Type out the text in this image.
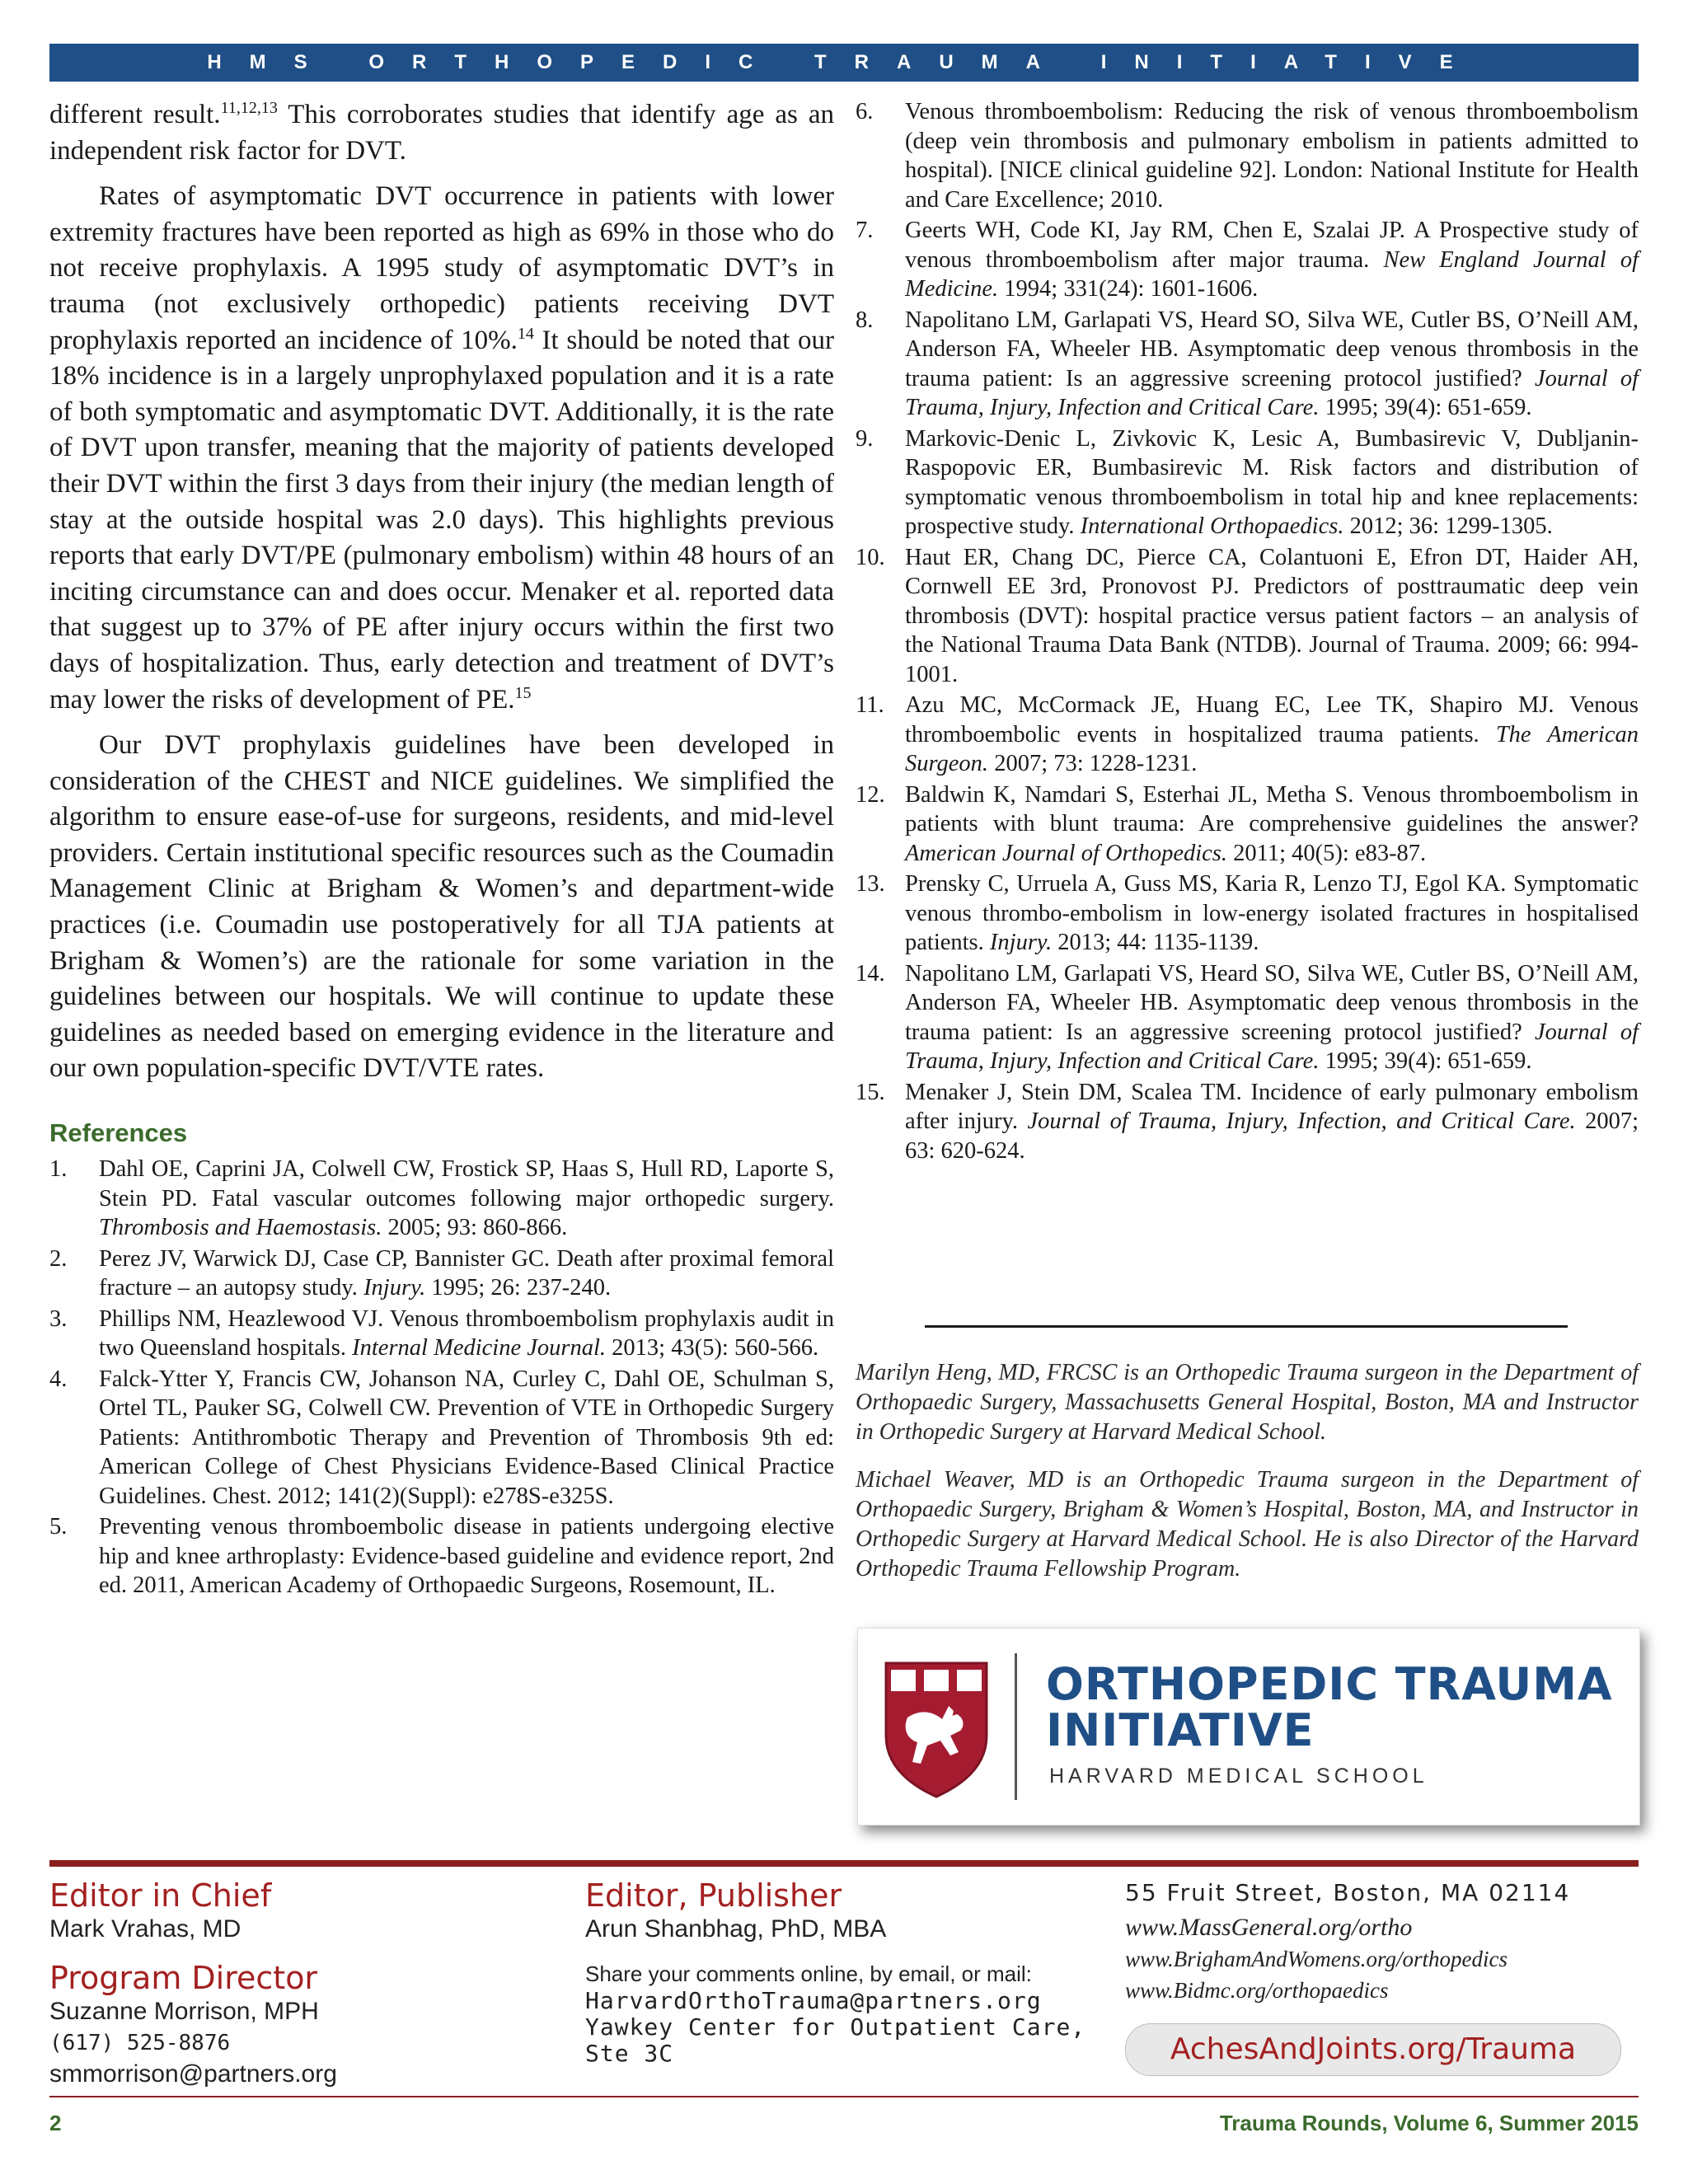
HMS ORTHOPEDIC TRAUMA INITIATIVE

different result.$^{11,12,13}$ This corroborates studies that identify age as an independent risk factor for DVT.

Rates of asymptomatic DVT occurrence in patients with lower extremity fractures have been reported as high as 69% in those who do not receive prophylaxis. A 1995 study of asymptomatic DVT’s in trauma (not exclusively orthopedic) patients receiving DVT prophylaxis reported an incidence of 10%.$^{14}$ It should be noted that our 18% incidence is in a largely unprophylaxed population and it is a rate of both symptomatic and asymptomatic DVT. Additionally, it is the rate of DVT upon transfer, meaning that the majority of patients developed their DVT within the first 3 days from their injury (the median length of stay at the outside hospital was 2.0 days). This highlights previous reports that early DVT/PE (pulmonary embolism) within 48 hours of an inciting circumstance can and does occur. Menaker et al. reported data that suggest up to 37% of PE after injury occurs within the first two days of hospitalization. Thus, early detection and treatment of DVT’s may lower the risks of development of PE.$^{15}$

Our DVT prophylaxis guidelines have been developed in consideration of the CHEST and NICE guidelines. We simplified the algorithm to ensure ease-of-use for surgeons, residents, and mid-level providers. Certain institutional specific resources such as the Coumadin Management Clinic at Brigham & Women’s and department-wide practices (i.e. Coumadin use postoperatively for all TJA patients at Brigham & Women’s) are the rationale for some variation in the guidelines between our hospitals. We will continue to update these guidelines as needed based on emerging evidence in the literature and our own population-specific DVT/VTE rates.

References
1. Dahl OE, Caprini JA, Colwell CW, Frostick SP, Haas S, Hull RD, Laporte S, Stein PD. Fatal vascular outcomes following major orthopedic surgery. Thrombosis and Haemostasis. 2005; 93: 860-866.
2. Perez JV, Warwick DJ, Case CP, Bannister GC. Death after proximal femoral fracture – an autopsy study. Injury. 1995; 26: 237-240.
3. Phillips NM, Heazlewood VJ. Venous thromboembolism prophylaxis audit in two Queensland hospitals. Internal Medicine Journal. 2013; 43(5): 560-566.
4. Falck-Ytter Y, Francis CW, Johanson NA, Curley C, Dahl OE, Schulman S, Ortel TL, Pauker SG, Colwell CW. Prevention of VTE in Orthopedic Surgery Patients: Antithrombotic Therapy and Prevention of Thrombosis 9th ed: American College of Chest Physicians Evidence-Based Clinical Practice Guidelines. Chest. 2012; 141(2)(Suppl): e278S-e325S.
5. Preventing venous thromboembolic disease in patients undergoing elective hip and knee arthroplasty: Evidence-based guideline and evidence report, 2nd ed. 2011, American Academy of Orthopaedic Surgeons, Rosemount, IL.
6. Venous thromboembolism: Reducing the risk of venous thromboembolism (deep vein thrombosis and pulmonary embolism in patients admitted to hospital). [NICE clinical guideline 92]. London: National Institute for Health and Care Excellence; 2010.
7. Geerts WH, Code KI, Jay RM, Chen E, Szalai JP. A Prospective study of venous thromboembolism after major trauma. New England Journal of Medicine. 1994; 331(24): 1601-1606.
8. Napolitano LM, Garlapati VS, Heard SO, Silva WE, Cutler BS, O’Neill AM, Anderson FA, Wheeler HB. Asymptomatic deep venous thrombosis in the trauma patient: Is an aggressive screening protocol justified? Journal of Trauma, Injury, Infection and Critical Care. 1995; 39(4): 651-659.
9. Markovic-Denic L, Zivkovic K, Lesic A, Bumbasirevic V, Dubljanin-Raspopovic ER, Bumbasirevic M. Risk factors and distribution of symptomatic venous thromboembolism in total hip and knee replacements: prospective study. International Orthopaedics. 2012; 36: 1299-1305.
10. Haut ER, Chang DC, Pierce CA, Colantuoni E, Efron DT, Haider AH, Cornwell EE 3rd, Pronovost PJ. Predictors of posttraumatic deep vein thrombosis (DVT): hospital practice versus patient factors – an analysis of the National Trauma Data Bank (NTDB). Journal of Trauma. 2009; 66: 994-1001.
11. Azu MC, McCormack JE, Huang EC, Lee TK, Shapiro MJ. Venous thromboembolic events in hospitalized trauma patients. The American Surgeon. 2007; 73: 1228-1231.
12. Baldwin K, Namdari S, Esterhai JL, Metha S. Venous thromboembolism in patients with blunt trauma: Are comprehensive guidelines the answer? American Journal of Orthopedics. 2011; 40(5): e83-87.
13. Prensky C, Urruela A, Guss MS, Karia R, Lenzo TJ, Egol KA. Symptomatic venous thrombo-embolism in low-energy isolated fractures in hospitalised patients. Injury. 2013; 44: 1135-1139.
14. Napolitano LM, Garlapati VS, Heard SO, Silva WE, Cutler BS, O’Neill AM, Anderson FA, Wheeler HB. Asymptomatic deep venous thrombosis in the trauma patient: Is an aggressive screening protocol justified? Journal of Trauma, Injury, Infection and Critical Care. 1995; 39(4): 651-659.
15. Menaker J, Stein DM, Scalea TM. Incidence of early pulmonary embolism after injury. Journal of Trauma, Injury, Infection, and Critical Care. 2007; 63: 620-624.

Marilyn Heng, MD, FRCSC is an Orthopedic Trauma surgeon in the Department of Orthopaedic Surgery, Massachusetts General Hospital, Boston, MA and Instructor in Orthopedic Surgery at Harvard Medical School.

Michael Weaver, MD is an Orthopedic Trauma surgeon in the Department of Orthopaedic Surgery, Brigham & Women’s Hospital, Boston, MA, and Instructor in Orthopedic Surgery at Harvard Medical School. He is also Director of the Harvard Orthopedic Trauma Fellowship Program.

ORTHOPEDIC TRAUMA
INITIATIVE
HARVARD MEDICAL SCHOOL
Editor in Chief
Mark Vrahas, MD
Program Director
Suzanne Morrison, MPH
(617) 525-8876
smmorrison@partners.org
Editor, Publisher
Arun Shanbhag, PhD, MBA
Share your comments online, by email, or mail:
HarvardOrthoTrauma@partners.org
Yawkey Center for Outpatient Care, Ste 3C
55 Fruit Street, Boston, MA 02114
www.MassGeneral.org/ortho
www.BrighamAndWomens.org/orthopedics
www.Bidmc.org/orthopaedics
AchesAndJoints.org/Trauma
2	Trauma Rounds, Volume 6, Summer 2015
